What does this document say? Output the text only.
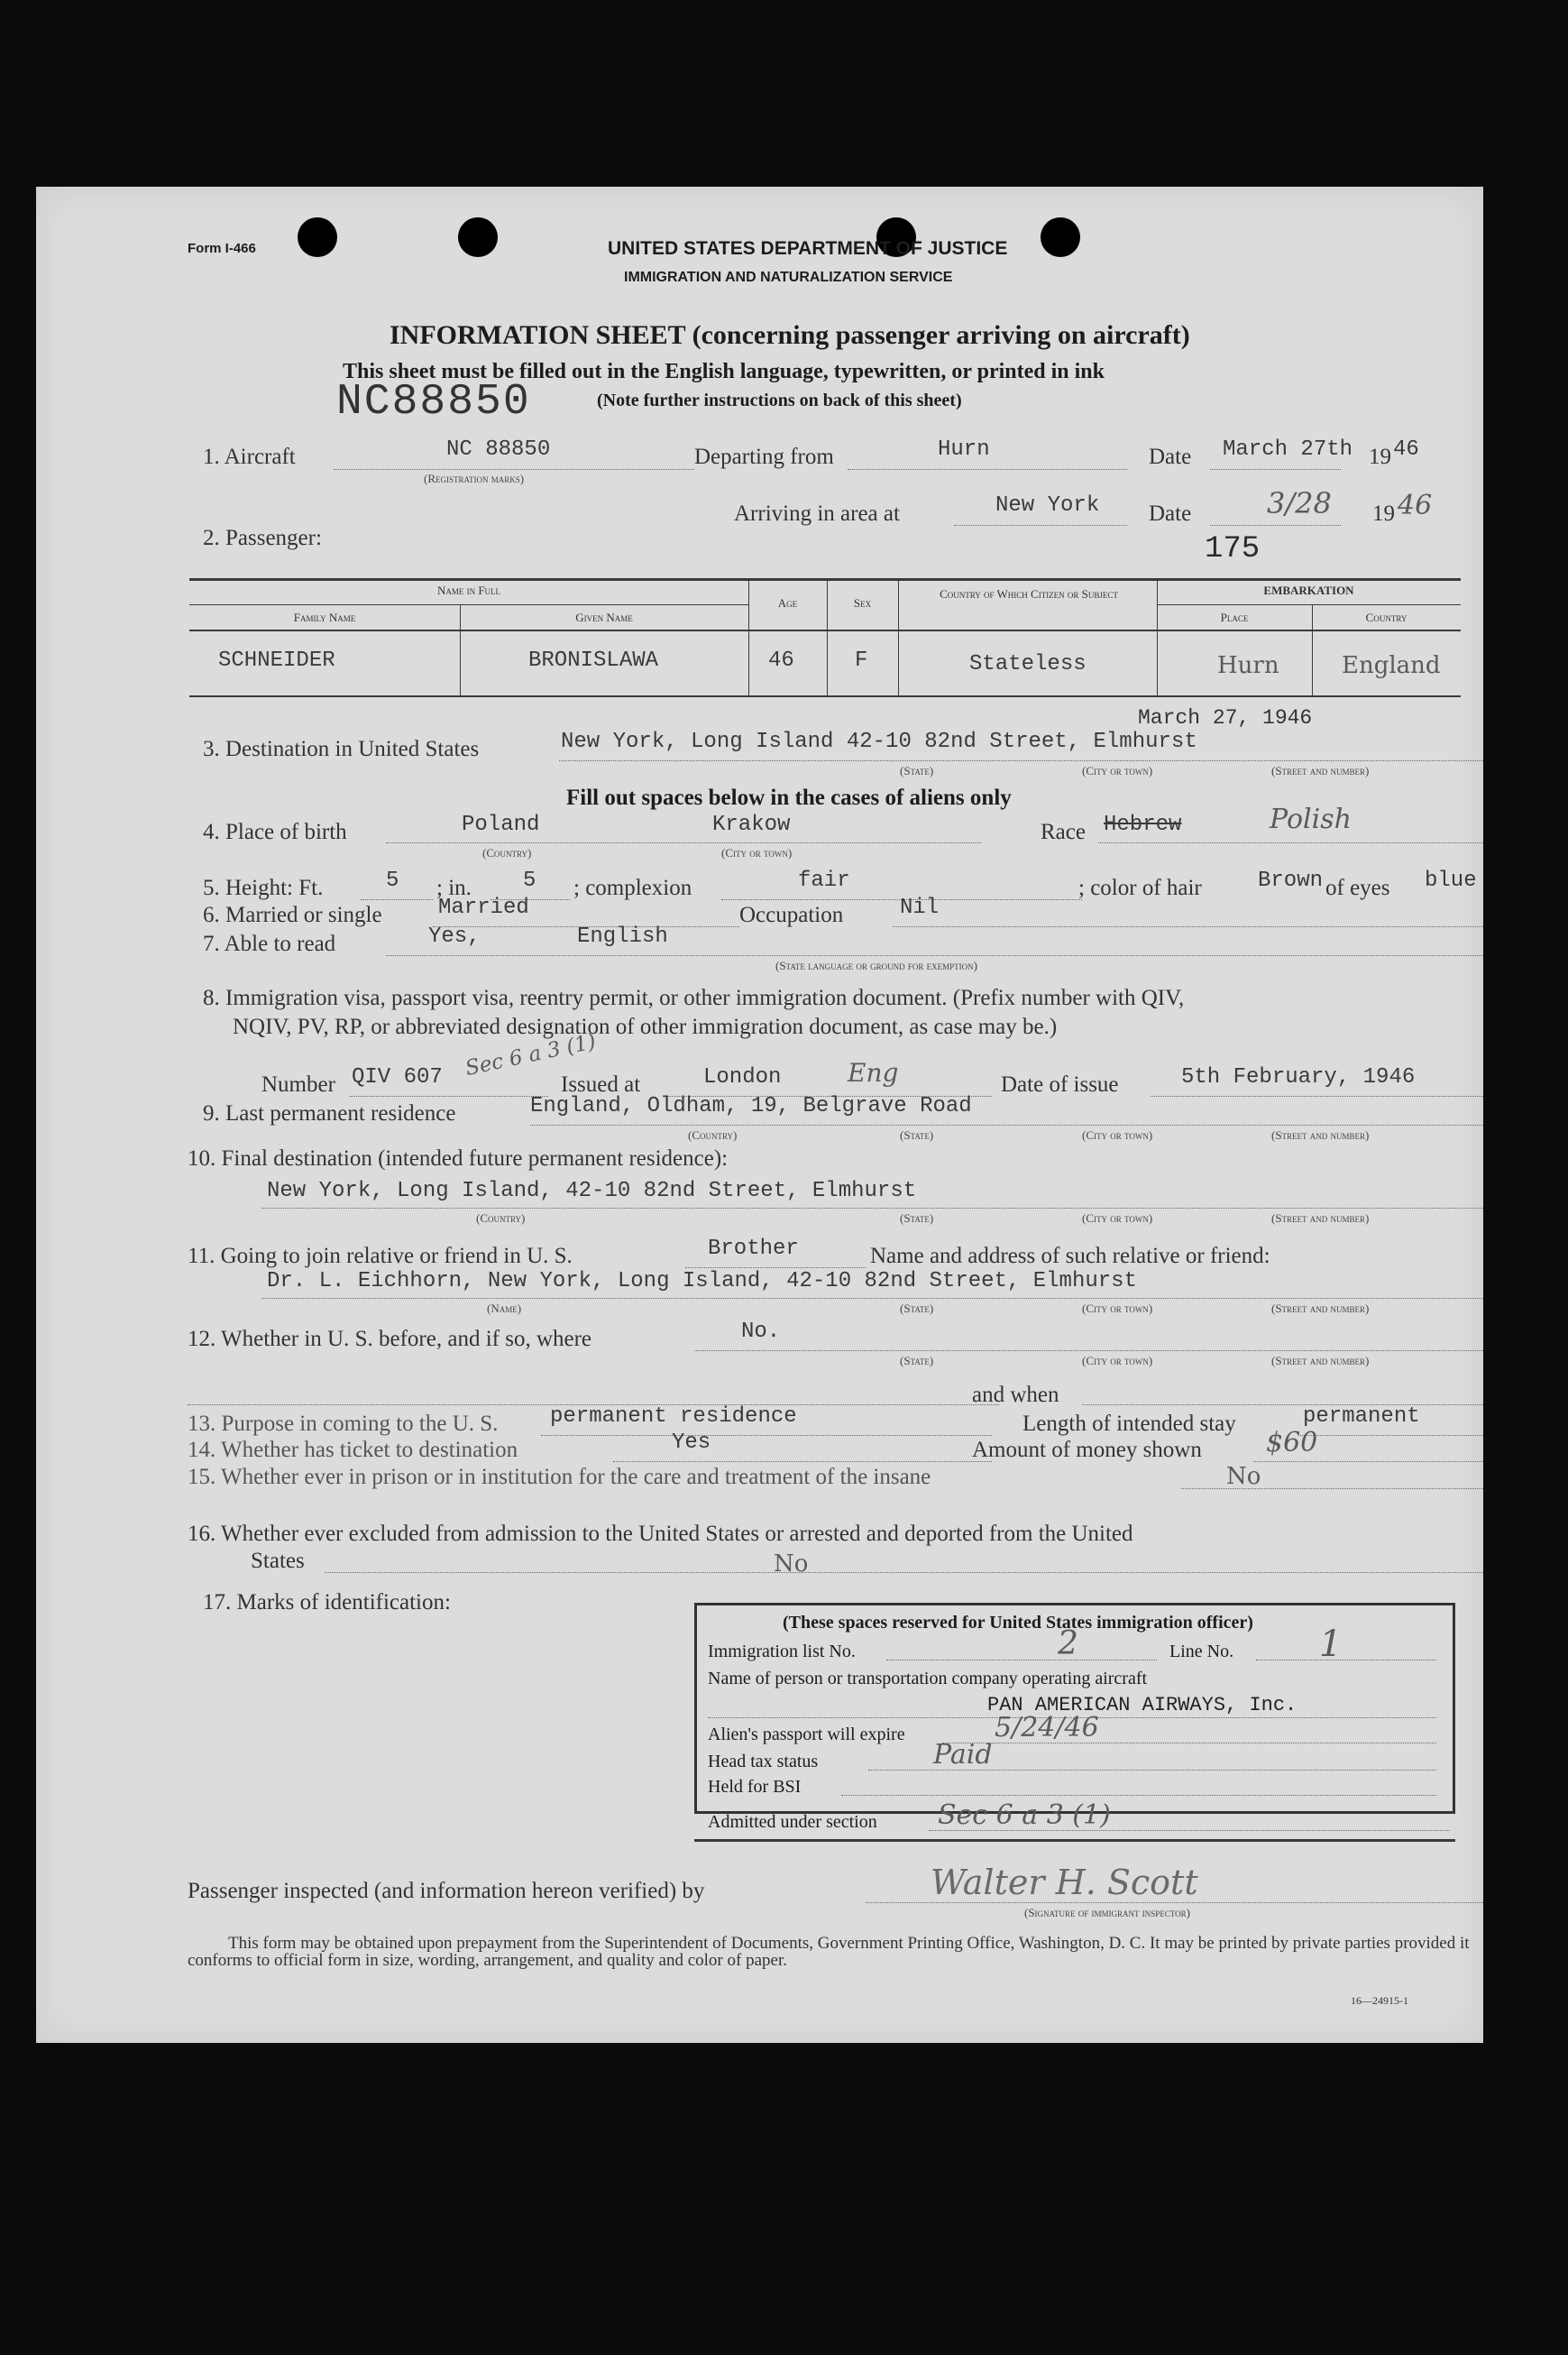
Form I-466	UNITED STATES DEPARTMENT OF JUSTICE
IMMIGRATION AND NATURALIZATION SERVICE
INFORMATION SHEET (concerning passenger arriving on aircraft)
This sheet must be filled out in the English language, typewritten, or printed in ink
NC88850	(Note further instructions on back of this sheet)
1. Aircraft	NC 88850
(Registration marks)
Departing from	Hurn	Date March 27th 19 46
Arriving in area at	New York Date	3/28 19 46
175
2. Passenger:
Name in Full
Family Name	Given Name
Age	Sex
Country of Which Citizen or Subject	EMBARKATION
Place	Country
SCHNEIDER	BRONISLAWA	46	F	Stateless	Hurn	England
March 27, 1946
3. Destination in United States	New York, Long Island 42-10 82nd Street, Elmhurst
(State)	(City or town)	(Street and number)
Fill out spaces below in the cases of aliens only
4. Place of birth	Poland	Krakow
(Country)	(City or town)
Race Hebrew	Polish
5. Height: Ft.	5 ; in. 5 ; complexion	fair	; color of hair	Brown of eyes blue
6. Married or single	Married	Occupation	Nil
7. Able to read	Yes,	English
(State language or ground for exemption)
8. Immigration visa, passport visa, reentry permit, or other immigration document. (Prefix number with QIV,
NQIV, PV, RP, or abbreviated designation of other immigration document, as case may be.)
Sec 6 a 3 (1)
Number QIV 607	Issued at	London	Eng	Date of issue	5th February, 1946
9. Last permanent residence	England, Oldham, 19, Belgrave Road
(Country)	(State)	(City or town)	(Street and number)
10. Final destination (intended future permanent residence):
New York, Long Island, 42-10 82nd Street, Elmhurst
(Country)	(State)	(City or town)	(Street and number)
11. Going to join relative or friend in U. S.	Brother	Name and address of such relative or friend:
Dr. L. Eichhorn, New York, Long Island, 42-10 82nd Street, Elmhurst
(Name)	(State)	(City or town)	(Street and number)
12. Whether in U. S. before, and if so, where	No.
(State)	(City or town)	(Street and number)
and when
13. Purpose in coming to the U. S. permanent residence	Length of intended stay	permanent
14. Whether has ticket to destination	Yes	Amount of money shown $60
15. Whether ever in prison or in institution for the care and treatment of the insane	No
16. Whether ever excluded from admission to the United States or arrested and deported from the United
States	No
17. Marks of identification:
(These spaces reserved for United States immigration officer)
Immigration list No.	2	Line No. 1
Name of person or transportation company operating aircraft
PAN AMERICAN AIRWAYS, Inc.
Alien's passport will expire	5/24/46
Head tax status	Paid
Held for BSI
Admitted under section Sec 6 a 3 (1)
Passenger inspected (and information hereon verified) by	Walter H. Scott
(Signature of immigrant inspector)
This form may be obtained upon prepayment from the Superintendent of Documents, Government Printing Office, Washington, D. C. It may be printed by private parties provided it conforms to official form in size, wording, arrangement, and quality and color of paper.
16—24915-1
